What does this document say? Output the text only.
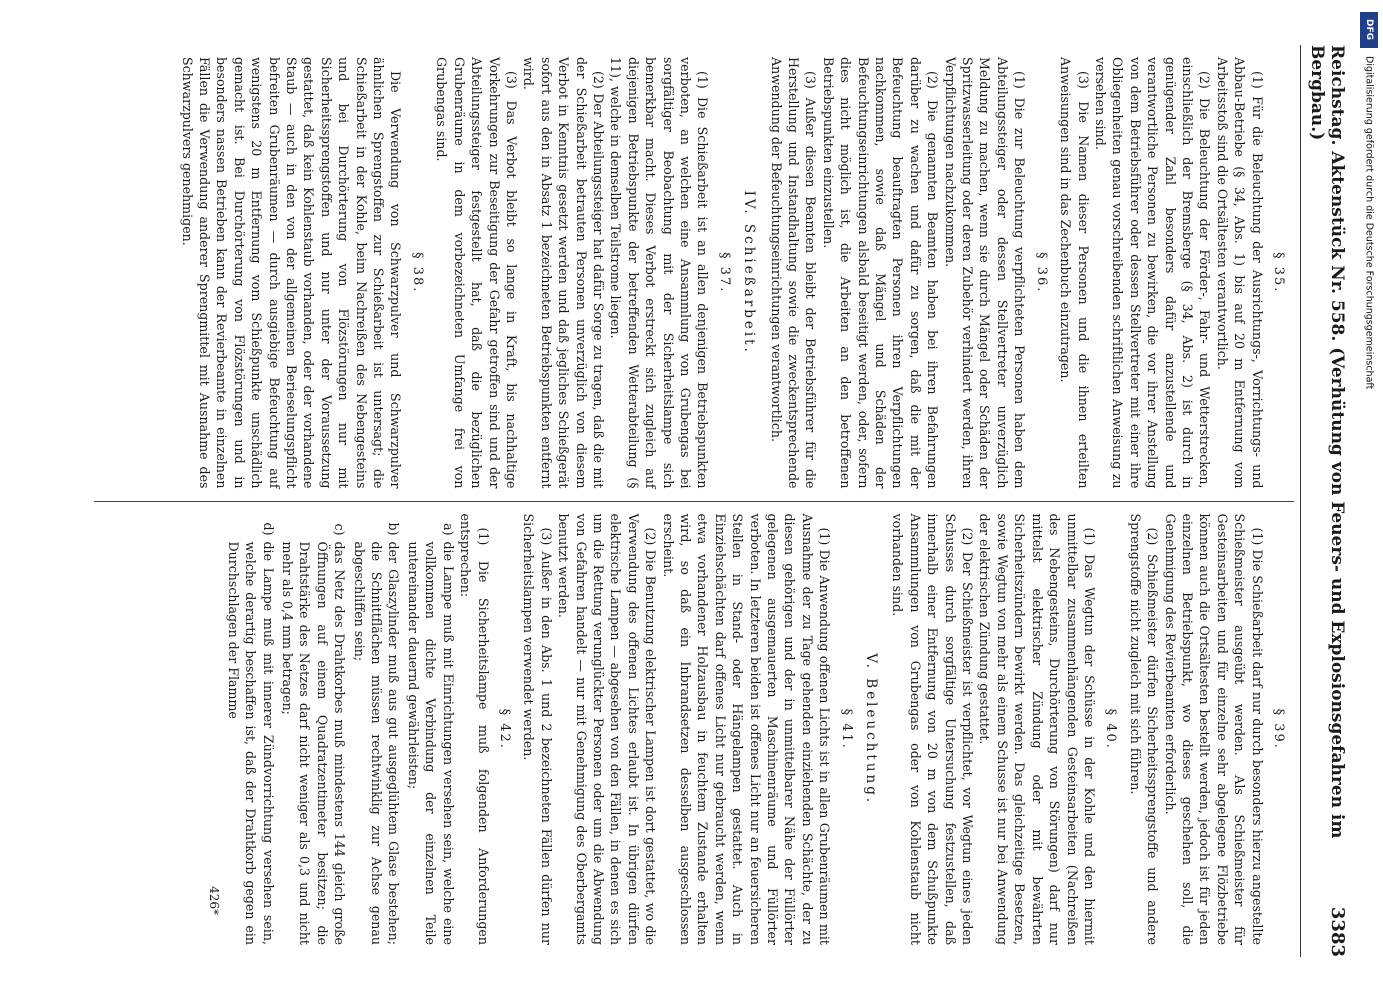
Reichstag. Aktenstück Nr. 558. (Verhütung von Feuers- und Explosionsgefahren im Bergbau.)
3383
§ 35.

(1) Für die Beleuchtung der Ausrichtungs-, Vorrichtungs- und Abbau-Betriebe (§ 34, Abs. 1) bis auf 20 m Entfernung vom Arbeitsstoß sind die Ortsältesten verantwortlich.

(2) Die Beleuchtung der Förder-, Fahr- und Wetterstrecken, einschließlich der Bremsberge (§ 34, Abs. 2) ist durch in genügender Zahl besonders dafür anzustellende und verantwortliche Personen zu bewirken, die vor ihrer Anstellung von dem Betriebsführer oder dessen Stellvertreter mit einer ihre Obliegenheiten genau vorschreibenden schriftlichen Anweisung zu versehen sind.

(3) Die Namen dieser Personen und die ihnen erteilten Anweisungen sind in das Zechenbuch einzutragen.

§ 36.

(1) Die zur Beleuchtung verpflichteten Personen haben dem Abteilungssteiger oder dessen Stellvertreter unverzüglich Meldung zu machen, wenn sie durch Mängel oder Schäden der Spritzwasserleitung oder deren Zubehör verhindert werden, ihren Verpflichtungen nachzukommen.

(2) Die genannten Beamten haben bei ihren Befahrungen darüber zu wachen und dafür zu sorgen, daß die mit der Befeuchtung beauftragten Personen ihren Verpflichtungen nachkommen, sowie daß Mängel und Schäden der Befeuchtungseinrichtungen alsbald beseitigt werden, oder, sofern dies nicht möglich ist, die Arbeiten an den betroffenen Betriebspunkten einzustellen.

(3) Außer diesen Beamten bleibt der Betriebsführer für die Herstellung und Instandhaltung sowie die zweckentsprechende Anwendung der Befeuchtungseinrichtungen verantwortlich.

IV. Schießarbeit.
§ 37.

(1) Die Schießarbeit ist an allen denjenigen Betriebspunkten verboten, an welchen eine Ansammlung von Grubengas bei sorgfältiger Beobachtung mit der Sicherheitslampe sich bemerkbar macht. Dieses Verbot erstreckt sich zugleich auf diejenigen Betriebspunkte der betreffenden Wetterabteilung (§ 11), welche in demselben Teilstrome liegen.

(2) Der Abteilungssteiger hat dafür Sorge zu tragen, daß die mit der Schießarbeit betrauten Personen unverzüglich von diesem Verbot in Kenntnis gesetzt werden und daß jegliches Schießgerät sofort aus den in Absatz 1 bezeichneten Betriebspunkten entfernt wird.

(3) Das Verbot bleibt so lange in Kraft, bis nachhaltige Vorkehrungen zur Beseitigung der Gefahr getroffen sind und der Abteilungssteiger festgestellt hat, daß die bezüglichen Grubenräume in dem vorbezeichneten Umfange frei von Grubengas sind.

§ 38.

Die Verwendung von Schwarzpulver und Schwarzpulver ähnlichen Sprengstoffen zur Schießarbeit ist untersagt; die Schießarbeit in der Kohle, beim Nachreißen des Nebengesteins und bei Durchörterung von Flözstörungen nur mit Sicherheitssprengstoffen und nur unter der Voraussetzung gestattet, daß kein Kohlenstaub vorhanden, oder der vorhandene Staub — auch in den von der allgemeinen Berieselungspflicht befreiten Grubenräumen — durch ausgiebige Befeuchtung auf wenigstens 20 m Entfernung vom Schießpunkte unschädlich gemacht ist. Bei Durchörterung von Flözstörungen und in besonders nassen Betrieben kann der Revierbeamte in einzelnen Fällen die Verwendung anderer Sprengmittel mit Ausnahme des Schwarzpulvers genehmigen.

§ 39.

(1) Die Schießarbeit darf nur durch besonders hierzu angestellte Schießmeister ausgeübt werden. Als Schießmeister für Gesteinsarbeiten und für einzelne sehr abgelegene Flözbetriebe können auch die Ortsältesten bestellt werden, jedoch ist für jeden einzelnen Betriebspunkt, wo dieses geschehen soll, die Genehmigung des Revierbeamten erforderlich.

(2) Schießmeister dürfen Sicherheitssprengstoffe und andere Sprengstoffe nicht zugleich mit sich führen.

§ 40.

(1) Das Wegtun der Schüsse in der Kohle und den hiermit unmittelbar zusammenhängenden Gesteinsarbeiten (Nachreißen des Nebengesteins, Durchörterung von Störungen) darf nur mittelst elektrischer Zündung oder mit bewährten Sicherheitszündern bewirkt werden. Das gleichzeitige Besetzen, sowie Wegtun von mehr als einem Schusse ist nur bei Anwendung der elektrischen Zündung gestattet.

(2) Der Schießmeister ist verpflichtet, vor Wegtun eines jeden Schusses durch sorgfältige Untersuchung festzustellen, daß innerhalb einer Entfernung von 20 m von dem Schußpunkte Ansammlungen von Grubengas oder von Kohlenstaub nicht vorhanden sind.

V. Beleuchtung.
§ 41.

(1) Die Anwendung offenen Lichts ist in allen Grubenräumen mit Ausnahme der zu Tage gehenden einziehenden Schächte, der zu diesen gehörigen und der in unmittelbarer Nähe der Füllörter gelegenen ausgemauerten Maschinenräume und Füllörter verboten. In letzteren beiden ist offenes Licht nur an feuersicheren Stellen in Stand- oder Hängelampen gestattet. Auch in Einziehschächten darf offenes Licht nur gebraucht werden, wenn etwa vorhandener Holzausbau in feuchtem Zustande erhalten wird, so daß ein Inbrandsetzen desselben ausgeschlossen erscheint.

(2) Die Benutzung elektrischer Lampen ist dort gestattet, wo die Verwendung des offenen Lichtes erlaubt ist. In übrigen dürfen elektrische Lampen — abgesehen von den Fällen, in denen es sich um die Rettung verunglückter Personen oder um die Abwendung von Gefahren handelt — nur mit Genehmigung des Oberbergamts benutzt werden.

(3) Außer in den Abs. 1 und 2 bezeichneten Fällen dürfen nur Sicherheitslampen verwendet werden.

§ 42.

(1) Die Sicherheitslampe muß folgenden Anforderungen entsprechen:

a)
die Lampe muß mit Einrichtungen versehen sein, welche eine vollkommen dichte Verbindung der einzelnen Teile untereinander dauernd gewährleisten;
b)
der Glaszylinder muß aus gut ausgeglühtem Glase bestehen; die Schnittflächen müssen rechtwinklig zur Achse genau abgeschliffen sein;
c)
das Netz des Drahtkorbes muß mindestens 144 gleich große Öffnungen auf einem Quadratzentimeter besitzen; die Drahtstärke des Netzes darf nicht weniger als 0,3 und nicht mehr als 0,4 mm betragen;
d)
die Lampe muß mit innerer Zündvorrichtung versehen sein, welche derartig beschaffen ist, daß der Drahtkorb gegen ein Durchschlagen der Flamme
426*
DFG
Digitalisierung gefördert durch die Deutsche Forschungsgemeinschaft
